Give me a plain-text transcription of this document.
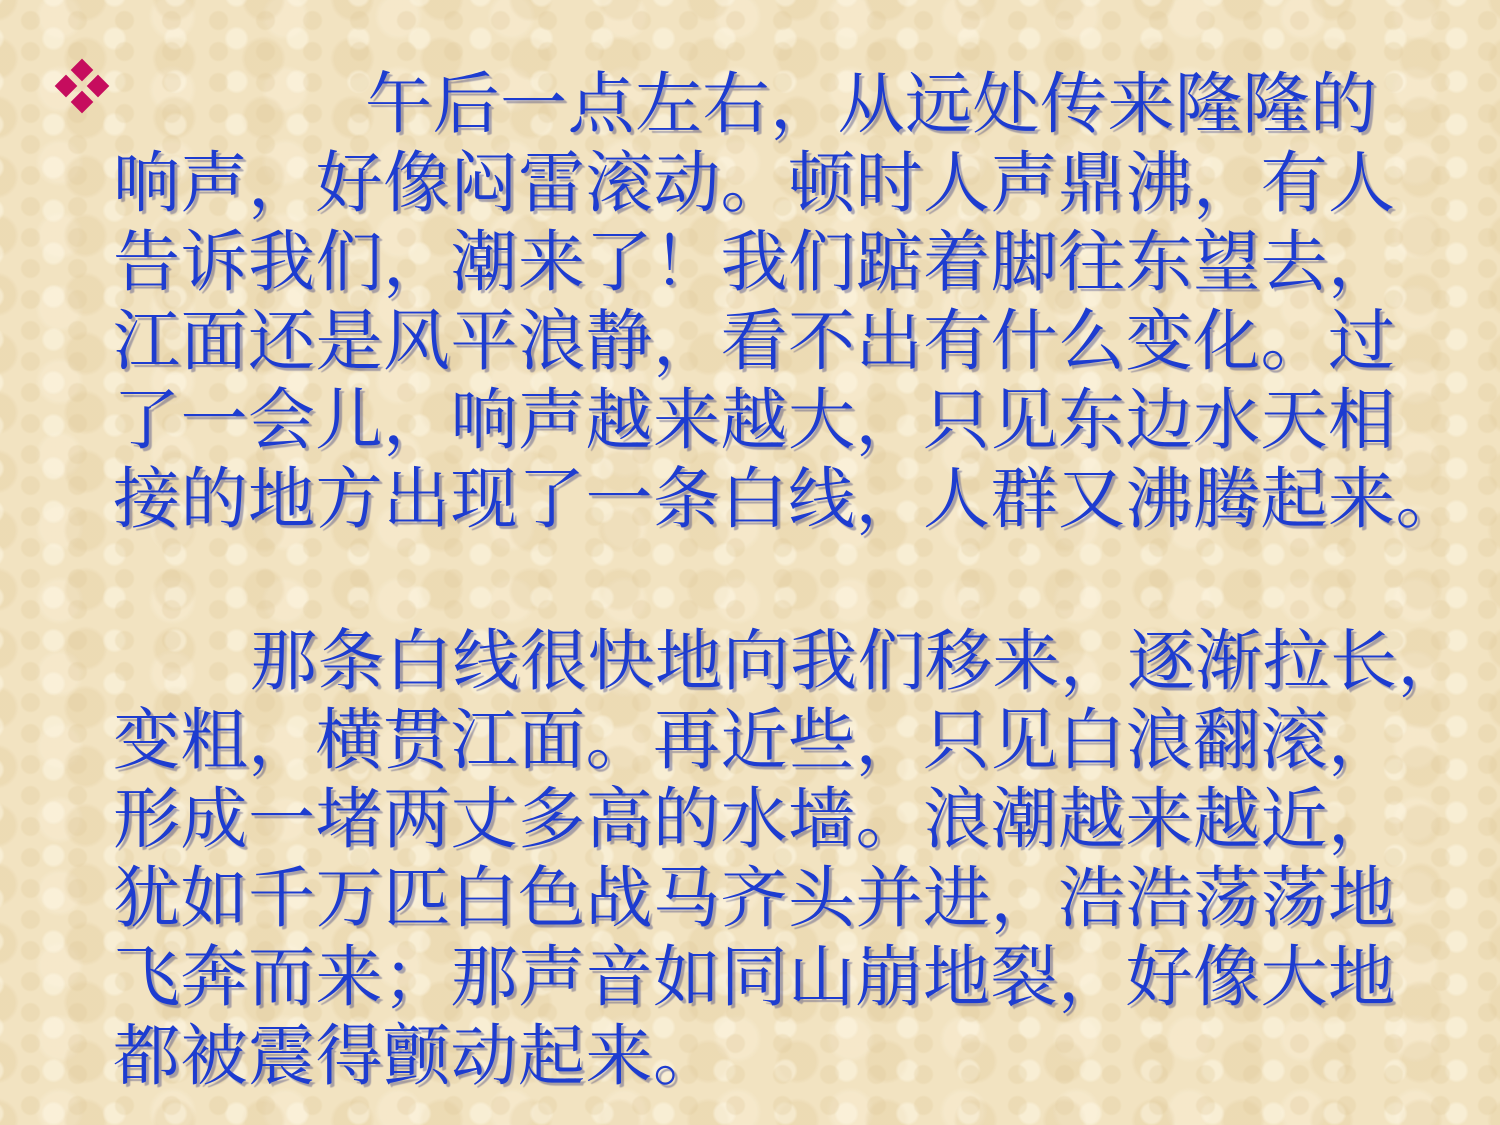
午后一点左右，从远处传来隆隆的
响声，好像闷雷滚动。顿时人声鼎沸，有人
告诉我们，潮来了！我们踮着脚往东望去，
江面还是风平浪静，看不出有什么变化。过
了一会儿，响声越来越大，只见东边水天相
接的地方出现了一条白线，人群又沸腾起来。
那条白线很快地向我们移来，逐渐拉长，
变粗，横贯江面。再近些，只见白浪翻滚，
形成一堵两丈多高的水墙。浪潮越来越近，
犹如千万匹白色战马齐头并进，浩浩荡荡地
飞奔而来；那声音如同山崩地裂，好像大地
都被震得颤动起来。
